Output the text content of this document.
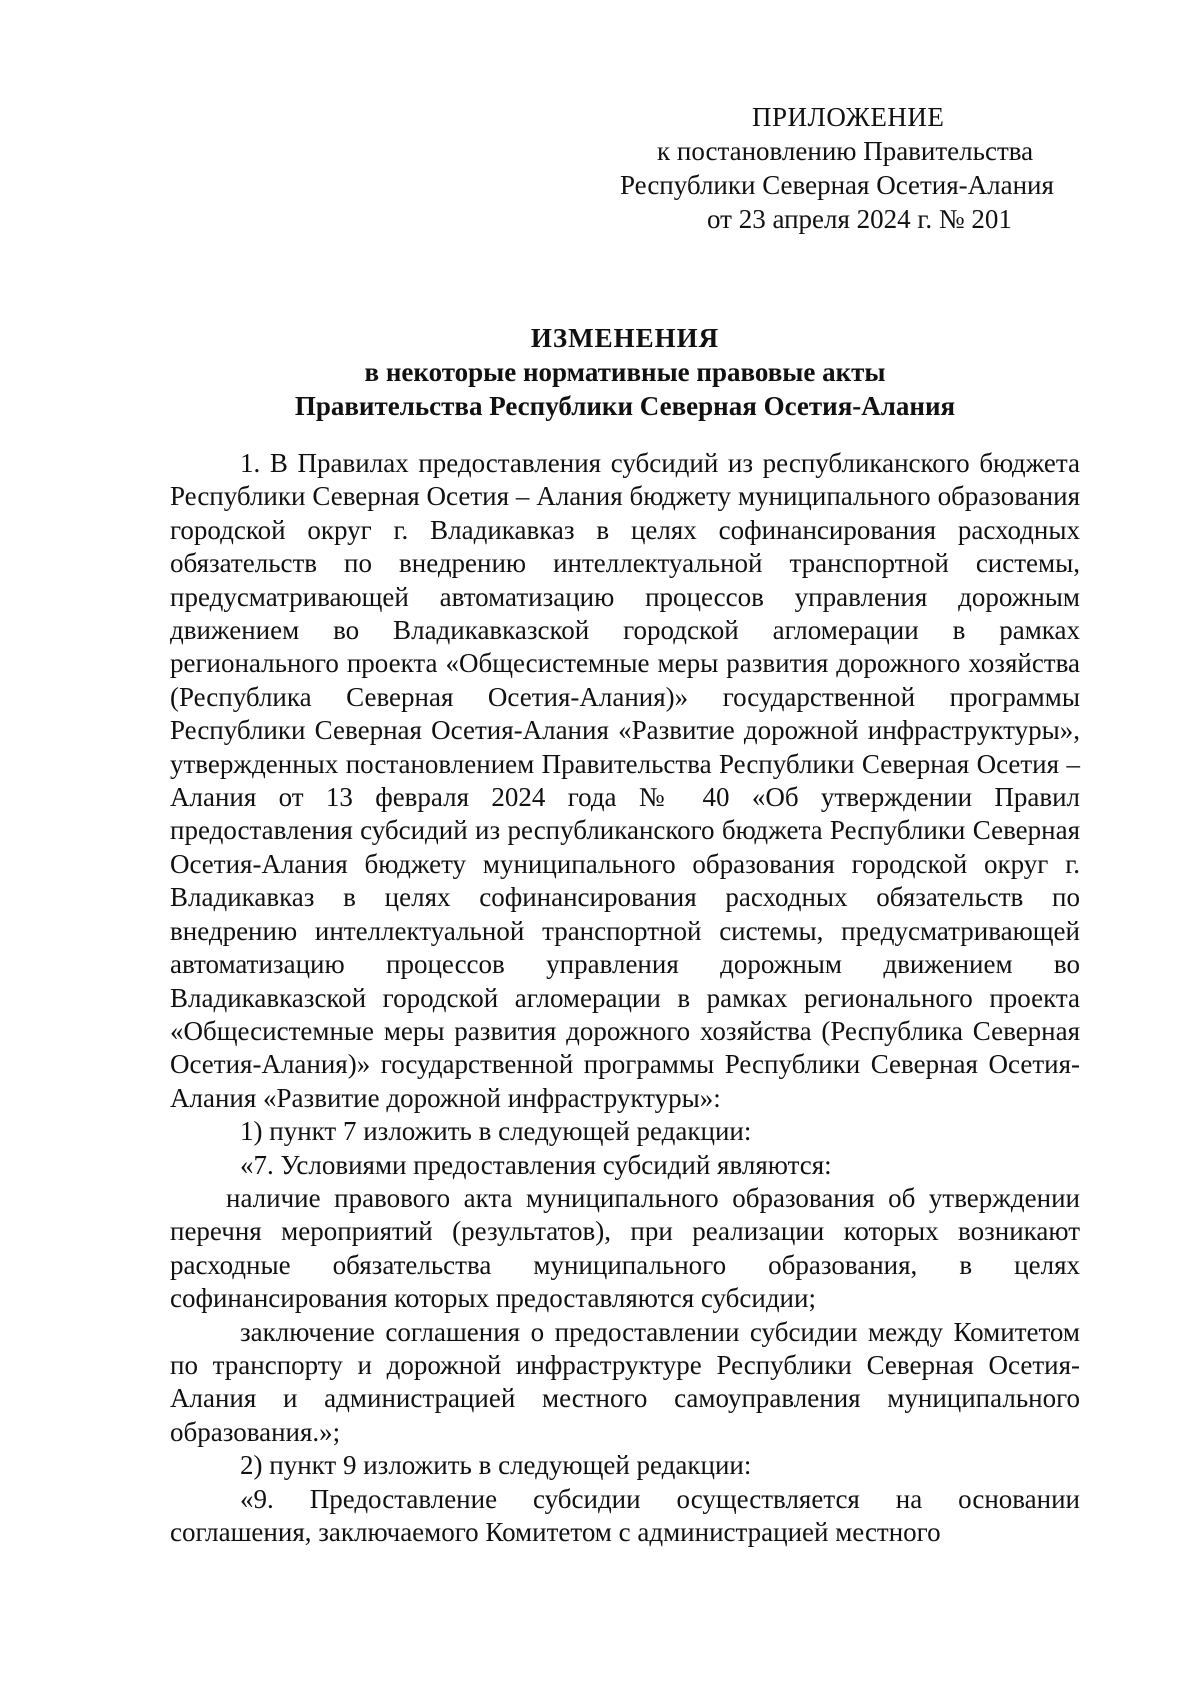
ПРИЛОЖЕНИЕ
к постановлению Правительства
Республики Северная Осетия-Алания
от 23 апреля 2024 г. № 201
ИЗМЕНЕНИЯ
в некоторые нормативные правовые акты
Правительства Республики Северная Осетия-Алания

1. В Правилах предоставления субсидий из республиканского бюджета Республики Северная Осетия – Алания бюджету муниципального образования городской округ г. Владикавказ в целях софинансирования расходных обязательств по внедрению интеллектуальной транспортной системы, предусматривающей автоматизацию процессов управления дорожным движением во Владикавказской городской агломерации в рамках регионального проекта «Общесистемные меры развития дорожного хозяйства (Республика Северная Осетия-Алания)» государственной программы Республики Северная Осетия-Алания «Развитие дорожной инфраструктуры», утвержденных постановлением Правительства Республики Северная Осетия – Алания от 13 февраля 2024 года № 40 «Об утверждении Правил предоставления субсидий из республиканского бюджета Республики Северная Осетия-Алания бюджету муниципального образования городской округ г. Владикавказ в целях софинансирования расходных обязательств по внедрению интеллектуальной транспортной системы, предусматривающей автоматизацию процессов управления дорожным движением во Владикавказской городской агломерации в рамках регионального проекта «Общесистемные меры развития дорожного хозяйства (Республика Северная Осетия-Алания)» государственной программы Республики Северная Осетия-Алания «Развитие дорожной инфраструктуры»:

1) пункт 7 изложить в следующей редакции:

«7. Условиями предоставления субсидий являются:

наличие правового акта муниципального образования об утверждении перечня мероприятий (результатов), при реализации которых возникают расходные обязательства муниципального образования, в целях софинансирования которых предоставляются субсидии;

заключение соглашения о предоставлении субсидии между Комитетом по транспорту и дорожной инфраструктуре Республики Северная Осетия-Алания и администрацией местного самоуправления муниципального образования.»;

2) пункт 9 изложить в следующей редакции:

«9. Предоставление субсидии осуществляется на основании соглашения, заключаемого Комитетом с администрацией местного
